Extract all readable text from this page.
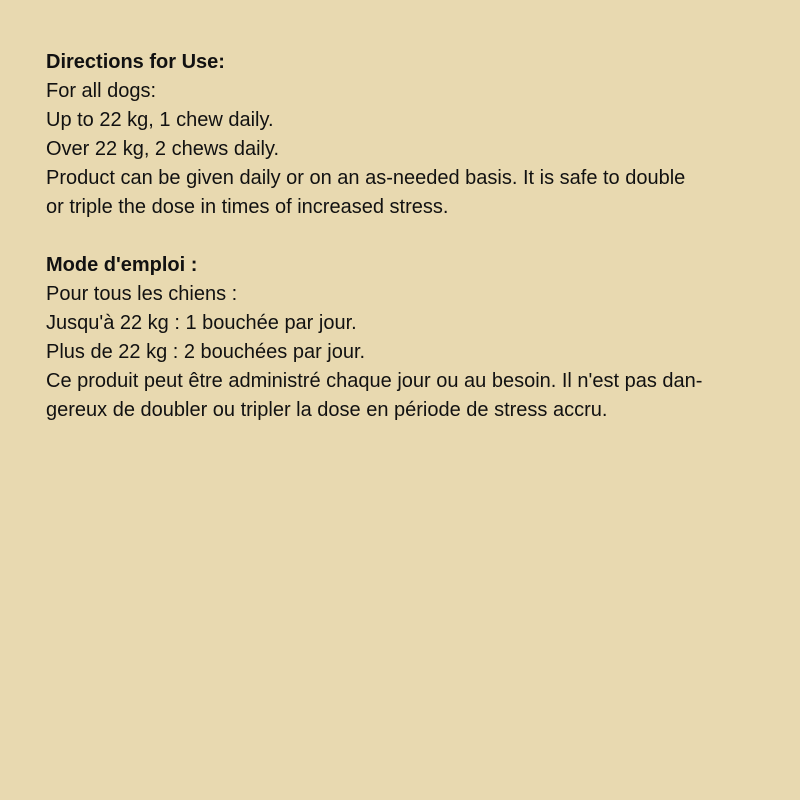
Directions for Use:

For all dogs:

Up to 22 kg, 1 chew daily.

Over 22 kg, 2 chews daily.

Product can be given daily or on an as-needed basis. It is safe to double

or triple the dose in times of increased stress.

Mode d'emploi :

Pour tous les chiens :

Jusqu'à 22 kg : 1 bouchée par jour.

Plus de 22 kg : 2 bouchées par jour.

Ce produit peut être administré chaque jour ou au besoin. Il n'est pas dan-

gereux de doubler ou tripler la dose en période de stress accru.
